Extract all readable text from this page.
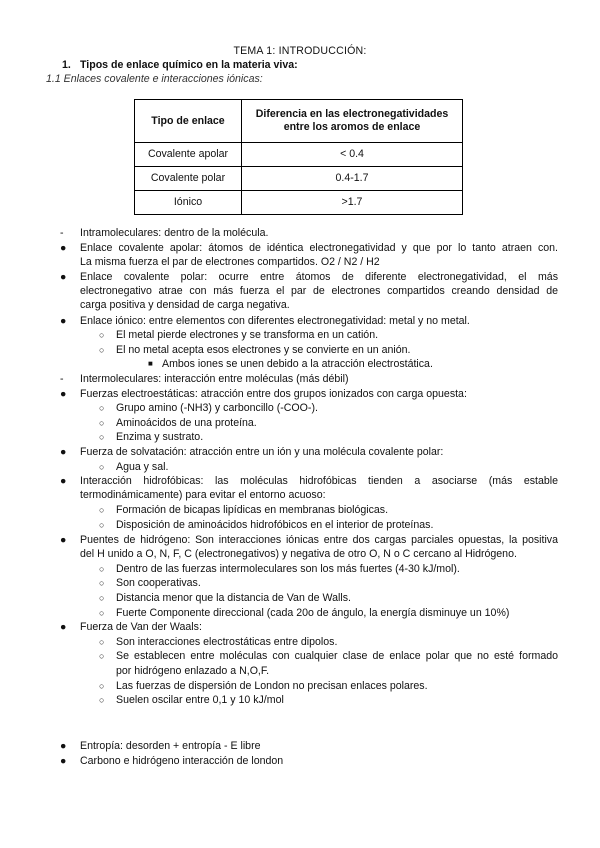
TEMA 1: INTRODUCCIÓN:
1. Tipos de enlace químico en la materia viva:
1.1 Enlaces covalente e interacciones iónicas:
Tipo de enlace	Diferencia en las electronegatividades entre los aromos de enlace
Covalente apolar	< 0.4
Covalente polar	0.4-1.7
Iónico	>1.7
- Intramoleculares: dentro de la molécula.
● Enlace covalente apolar: átomos de idéntica electronegatividad y que por lo tanto atraen con.
La misma fuerza el par de electrones compartidos. O2 / N2 / H2
● Enlace covalente polar: ocurre entre átomos de diferente electronegatividad, el más
electronegativo atrae con más fuerza el par de electrones compartidos creando densidad de
carga positiva y densidad de carga negativa.
● Enlace iónico: entre elementos con diferentes electronegatividad: metal y no metal.
○ El metal pierde electrones y se transforma en un catión.
○ El no metal acepta esos electrones y se convierte en un anión.
■ Ambos iones se unen debido a la atracción electrostática.
- Intermoleculares: interacción entre moléculas (más débil)
● Fuerzas electroestáticas: atracción entre dos grupos ionizados con carga opuesta:
○ Grupo amino (-NH3) y carboncillo (-COO-).
○ Aminoácidos de una proteína.
○ Enzima y sustrato.
● Fuerza de solvatación: atracción entre un ión y una molécula covalente polar:
○ Agua y sal.
● Interacción hidrofóbicas: las moléculas hidrofóbicas tienden a asociarse (más estable
termodinámicamente) para evitar el entorno acuoso:
○ Formación de bicapas lipídicas en membranas biológicas.
○ Disposición de aminoácidos hidrofóbicos en el interior de proteínas.
● Puentes de hidrógeno: Son interacciones iónicas entre dos cargas parciales opuestas, la positiva
del H unido a O, N, F, C (electronegativos) y negativa de otro O, N o C cercano al Hidrógeno.
○ Dentro de las fuerzas intermoleculares son los más fuertes (4-30 kJ/mol).
○ Son cooperativas.
○ Distancia menor que la distancia de Van de Walls.
○ Fuerte Componente direccional (cada 20o de ángulo, la energía disminuye un 10%)
● Fuerza de Van der Waals:
○ Son interacciones electrostáticas entre dipolos.
○ Se establecen entre moléculas con cualquier clase de enlace polar que no esté formado
por hidrógeno enlazado a N,O,F.
○ Las fuerzas de dispersión de London no precisan enlaces polares.
○ Suelen oscilar entre 0,1 y 10 kJ/mol
● Entropía: desorden + entropía - E libre
● Carbono e hidrógeno interacción de london
